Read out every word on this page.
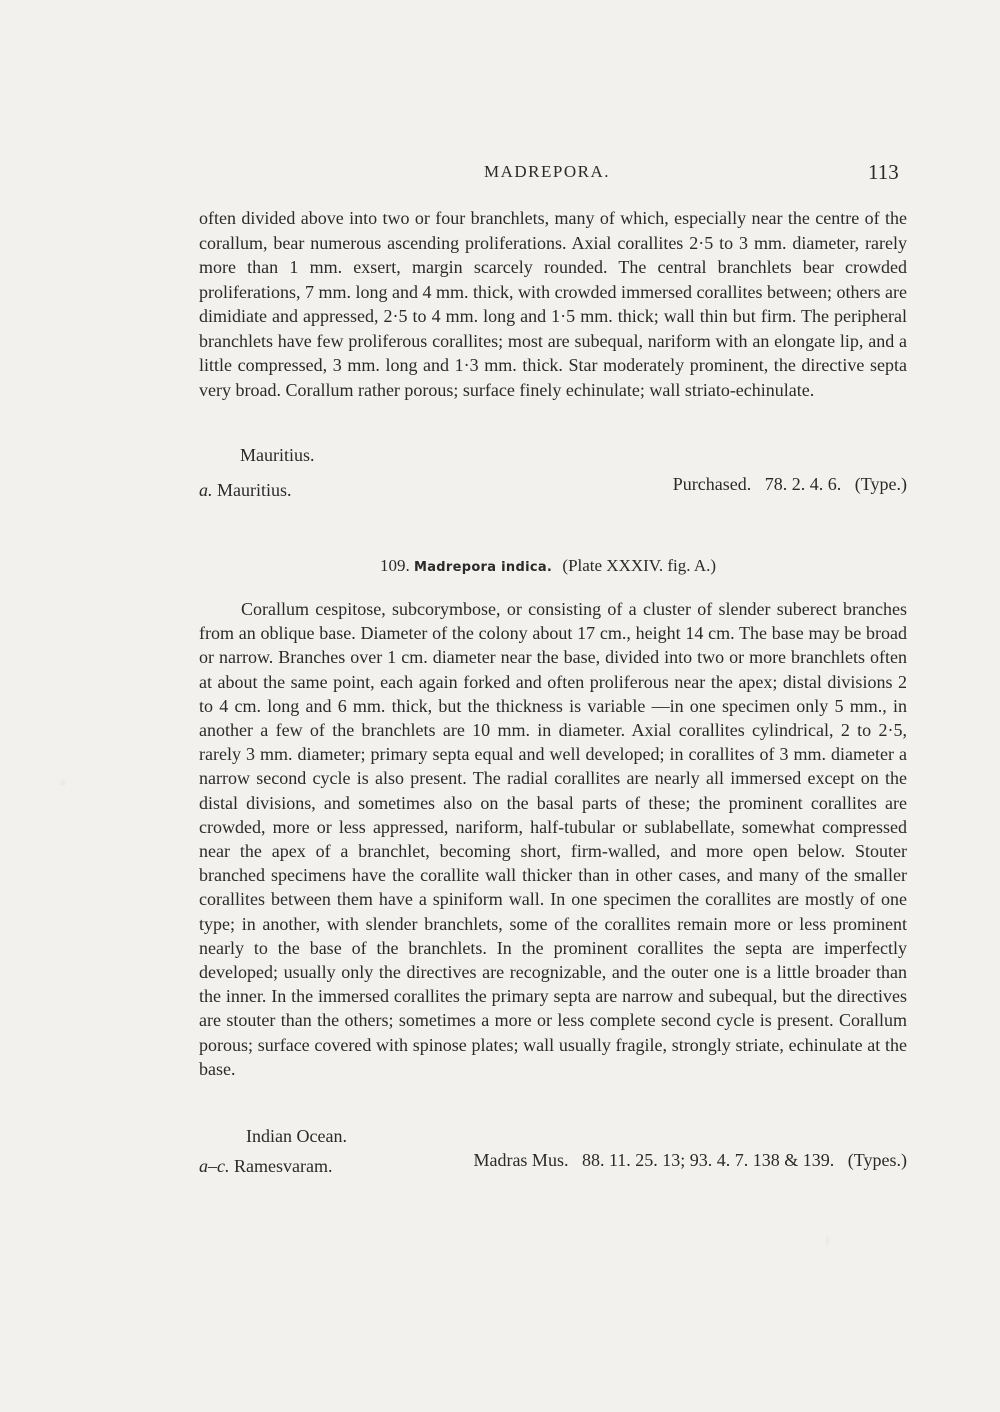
MADREPORA.	113

often divided above into two or four branchlets, many of which, especially near the centre of the corallum, bear numerous ascending proliferations. Axial corallites 2·5 to 3 mm. diameter, rarely more than 1 mm. exsert, margin scarcely rounded. The central branchlets bear crowded proliferations, 7 mm. long and 4 mm. thick, with crowded immersed corallites between; others are dimidiate and appressed, 2·5 to 4 mm. long and 1·5 mm. thick; wall thin but firm. The peripheral branchlets have few proliferous corallites; most are subequal, nariform with an elongate lip, and a little compressed, 3 mm. long and 1·3 mm. thick. Star moderately prominent, the directive septa very broad. Corallum rather porous; surface finely echinulate; wall striato-echinulate.

Mauritius.
a. Mauritius.	Purchased.   78. 2. 4. 6.   (Type.)
109. Madrepora indica. (Plate XXXIV. fig. A.)

Corallum cespitose, subcorymbose, or consisting of a cluster of slender suberect branches from an oblique base. Diameter of the colony about 17 cm., height 14 cm. The base may be broad or narrow. Branches over 1 cm. diameter near the base, divided into two or more branchlets often at about the same point, each again forked and often proliferous near the apex; distal divisions 2 to 4 cm. long and 6 mm. thick, but the thickness is variable —in one specimen only 5 mm., in another a few of the branchlets are 10 mm. in diameter. Axial corallites cylindrical, 2 to 2·5, rarely 3 mm. diameter; primary septa equal and well developed; in corallites of 3 mm. diameter a narrow second cycle is also present. The radial corallites are nearly all immersed except on the distal divisions, and sometimes also on the basal parts of these; the prominent corallites are crowded, more or less appressed, nariform, half-tubular or sublabellate, somewhat compressed near the apex of a branchlet, becoming short, firm-walled, and more open below. Stouter branched specimens have the corallite wall thicker than in other cases, and many of the smaller corallites between them have a spiniform wall. In one specimen the corallites are mostly of one type; in another, with slender branchlets, some of the corallites remain more or less prominent nearly to the base of the branchlets. In the prominent corallites the septa are imperfectly developed; usually only the directives are recognizable, and the outer one is a little broader than the inner. In the immersed corallites the primary septa are narrow and subequal, but the directives are stouter than the others; sometimes a more or less complete second cycle is present. Corallum porous; surface covered with spinose plates; wall usually fragile, strongly striate, echinulate at the base.

Indian Ocean.
a–c. Ramesvaram.	Madras Mus.   88. 11. 25. 13; 93. 4. 7. 138 & 139.   (Types.)
